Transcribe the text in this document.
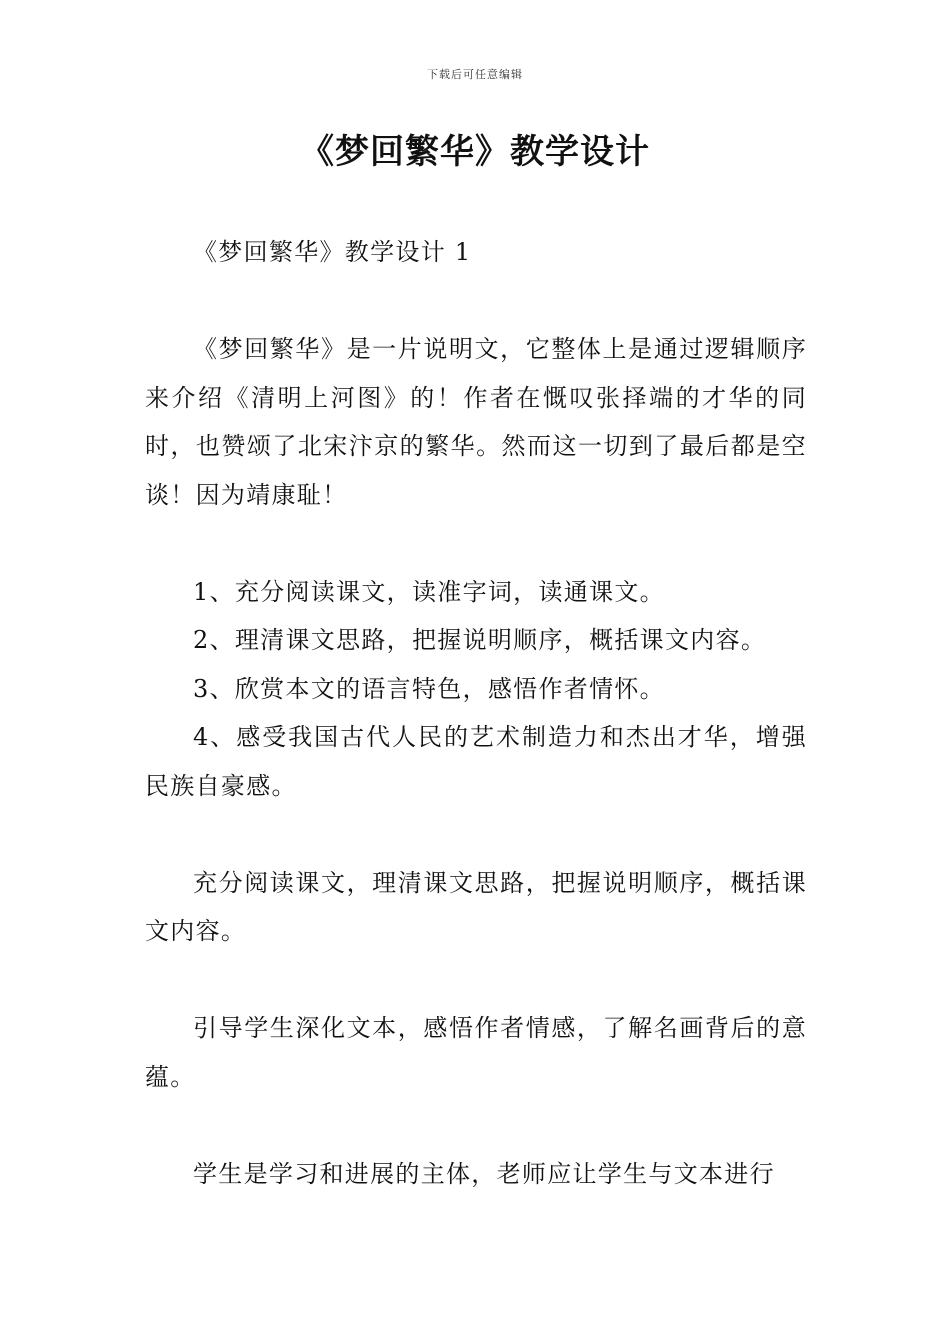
下载后可任意编辑
《梦回繁华》教学设计

《梦回繁华》教学设计 1

《梦回繁华》是一片说明文，它整体上是通过逻辑顺序来介绍《清明上河图》的！作者在慨叹张择端的才华的同时，也赞颂了北宋汴京的繁华。然而这一切到了最后都是空谈！因为靖康耻！

1、充分阅读课文，读准字词，读通课文。

2、理清课文思路，把握说明顺序，概括课文内容。

3、欣赏本文的语言特色，感悟作者情怀。

4、感受我国古代人民的艺术制造力和杰出才华，增强民族自豪感。

充分阅读课文，理清课文思路，把握说明顺序，概括课文内容。

引导学生深化文本，感悟作者情感，了解名画背后的意蕴。

学生是学习和进展的主体，老师应让学生与文本进行
